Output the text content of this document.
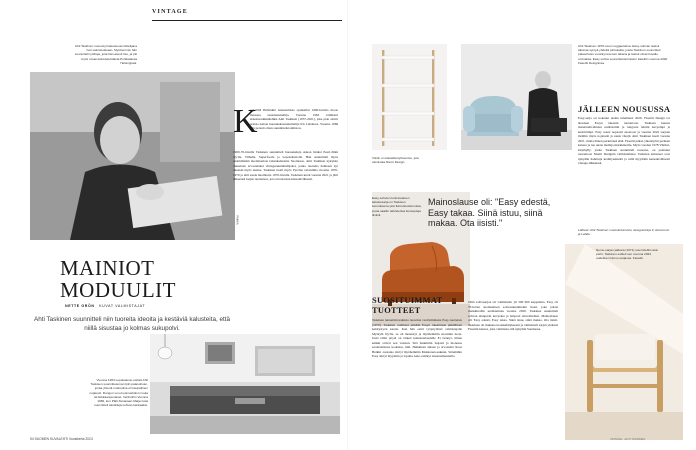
VINTAGE
Ahti Taskinen menestyi kalustesuunnittelijana heti valmistuttuaan. Myöhemmin hän suunnitteli työtiloja, joita hän asusti itse, ja piti myös omaa kalustetehdasta Porkkalassa Helsingissä.
PAIKKA
K
oskelillä Helsinkiä Ateneumissa opiskellut 1960-luvulla moon maasssa sisustustaiteilija. Vuonna 1963 valmistui sisustusarkkitehdiksi Ahti Taskinen (1937-2021), joka pian aloitti uransa Askon huonekalusuunnittelija Iris Lahdessa. Vuonna 1966 hän perusti oman suunnittelutoimiston.
1960-70-luvulla Taskinen suunnitteli huonekaluja Askon lisäksi Peeri-Jätkä Oy:lle, Vilhalle, Superfoorle ja Lepokalustolle. Hän suunnitteli myös ensimmäisiä modulaarisia istuinkalusteita Suomessa. Ahti Taskinen nykyisin tunnetaan arvostetuksi vintagesuunnittelijaksi, jonka tuotteita halutaan nyt takaisin myös uusina. Taskinen tuotti myös Pyrolan valaisimia vuosina 1970-1976 ja ehti saada huomioita 1970-luvulla. Taskinen kuoli vuonna 2021 ja jätti jälkeensä laajan tuotannon, jota arvostetaan kansainvälisesti.
MAINIOT
MODUULIT
NETTE GRÖN KUVAT VALMISTAJAT
Ahti Taskinen suunnitteli niin tuoreita ideoita ja kestäviä kalusteita, että niillä sisustaa jo kolmas sukupolvi.
Vuonna 1964 Lepokalusto esitteli Ahti Taskisen suunnitteleman Ipiri-palasohvan, jonka yhtenä moduulina oli kaupallinen nojatuoli. Rungon voi eli esimerkiksi muuta tai kirkkaanpunaiset. Vanhoihin Vuonna 1966, kun Pälli-Tamaraan Maija Isola suunnitteli tekstiilejä sohvan kankaaksi.
54 SUOMEN KUVALEHTI Vuosikerta 2024
Viiniin on klassikkotyttöversio, jota valmistaa Niemi Design.
Ahti Taskinen 1970-luvun reggaettelua. Easy-sohvan taskut alkoivat syntyä yhdeltä piirtoksilta, joista Taskinen suunnitteli palasohvan vuosikymmenen aikana ja taskut olivat kuvalle ominaisia. Easy sohva suunnittelutoimiston katettiin vuonna 2020 Fasettii Designissa.
Easy-sohvien kolmiosainen kalustesarja on Taskisen luomuksena yksi ikimuistoisimmista, jossa saatiin tarkistettua konsepteja tiiviisti.
Mainoslause oli: "Easy edestä, Easy takaa. Siinä istuu, siinä makaa. Ota iisisti."
SUOSITUIMMAT
TUOTTEET
Taskinen tunnettiin kaikista tuoreista vaativimmasta Easy-tuotteista (1970). Taskinen osallistui pitkään Easyn rakennusta pitkällinen kehitystyön kautta. Kun hän esitti työpöytänsä valmistajalle Myrkylä Oy:lle, se oli menestys ja myöhemmin suosituin tuote. Juuri tämä pöytä on tärkeä kalustetaloudelle Ei tiennyt, miten kaikki ottivat sen vastaan. Sitä hankittiin laajasti ja monessa suomalaisissa kodeissa, mm. Heikkisen aikaan ja arvostettu Rosa Heikki -tuotanto siirtyi myöhemmin Makkonen-sukuun. Sittemmin Easy siirtyi myyntiin ja lopulta Asko esiintyi sisustusmessuilla.
väliä sohvasarjaa oli valmistettu yli 500 000 kappaletta. Easy oli 70-luvun suomalaisen sohvasuunnittelun ikoni, joka palasi markkinoille uudistettuna vuonna 2020. Taskinen suunnitteli sohvan alunperin kevyeksi ja helposti siirrettäväksi. Mainoslause oli: Easy edestä, Easy takaa. Siinä istuu, siinä makaa. Ota iisisti. Taskinen oli mukana tuotekehityksessä ja viimeisteli sarjan yhdessä Fasettin kanssa, joka valmistaa sitä nykyään Suomessa.
JÄLLEEN NOUSUSSA
Easy-sarja on kokenut uuden tulemisen 2020. Fasettii Design toi ikonisen Easyn takaisin tuotantoon. Taskisen kanssa materiaalivalinnat uudistettiin ja rungosta tehtiin kevyempi ja kestävämpi. Easy nousi nopeasti suosioon ja vuonna 2022 sarjaan lisättiin myös nojatuoli ja uusia värejä. Ahti Taskinen kuoli vuonna 2021, mutta hänen perintönsä elää. Fasettii jatkaa yhteistyötä perheen kanssa ja tuo uusia malleja markkinoille. Myös vuoden 1978 Viiriini-kirjahylly, jonka Taskinen suunnitteli nuorena, on palannut tuotantoon Niemi Designin valmistamana. Taskisen kalusteet ovat nykyään haluttuja keräilyesineitä ja niitä myydään kansainvälisesti vintage-liikkeissä.
Lähteet: Ahti Taskinen muotoilutoimisto, designerkirja fi, Ainoimmin ja Lahde.
Nemo-sarjan jakkara (1971) suunniteltiin alun perin. Taskinen esitteli sen vuonna 2024 uudelleen Nemo-sarjassa. Fasettii.
VINTAGE · AHTI TASKINEN
